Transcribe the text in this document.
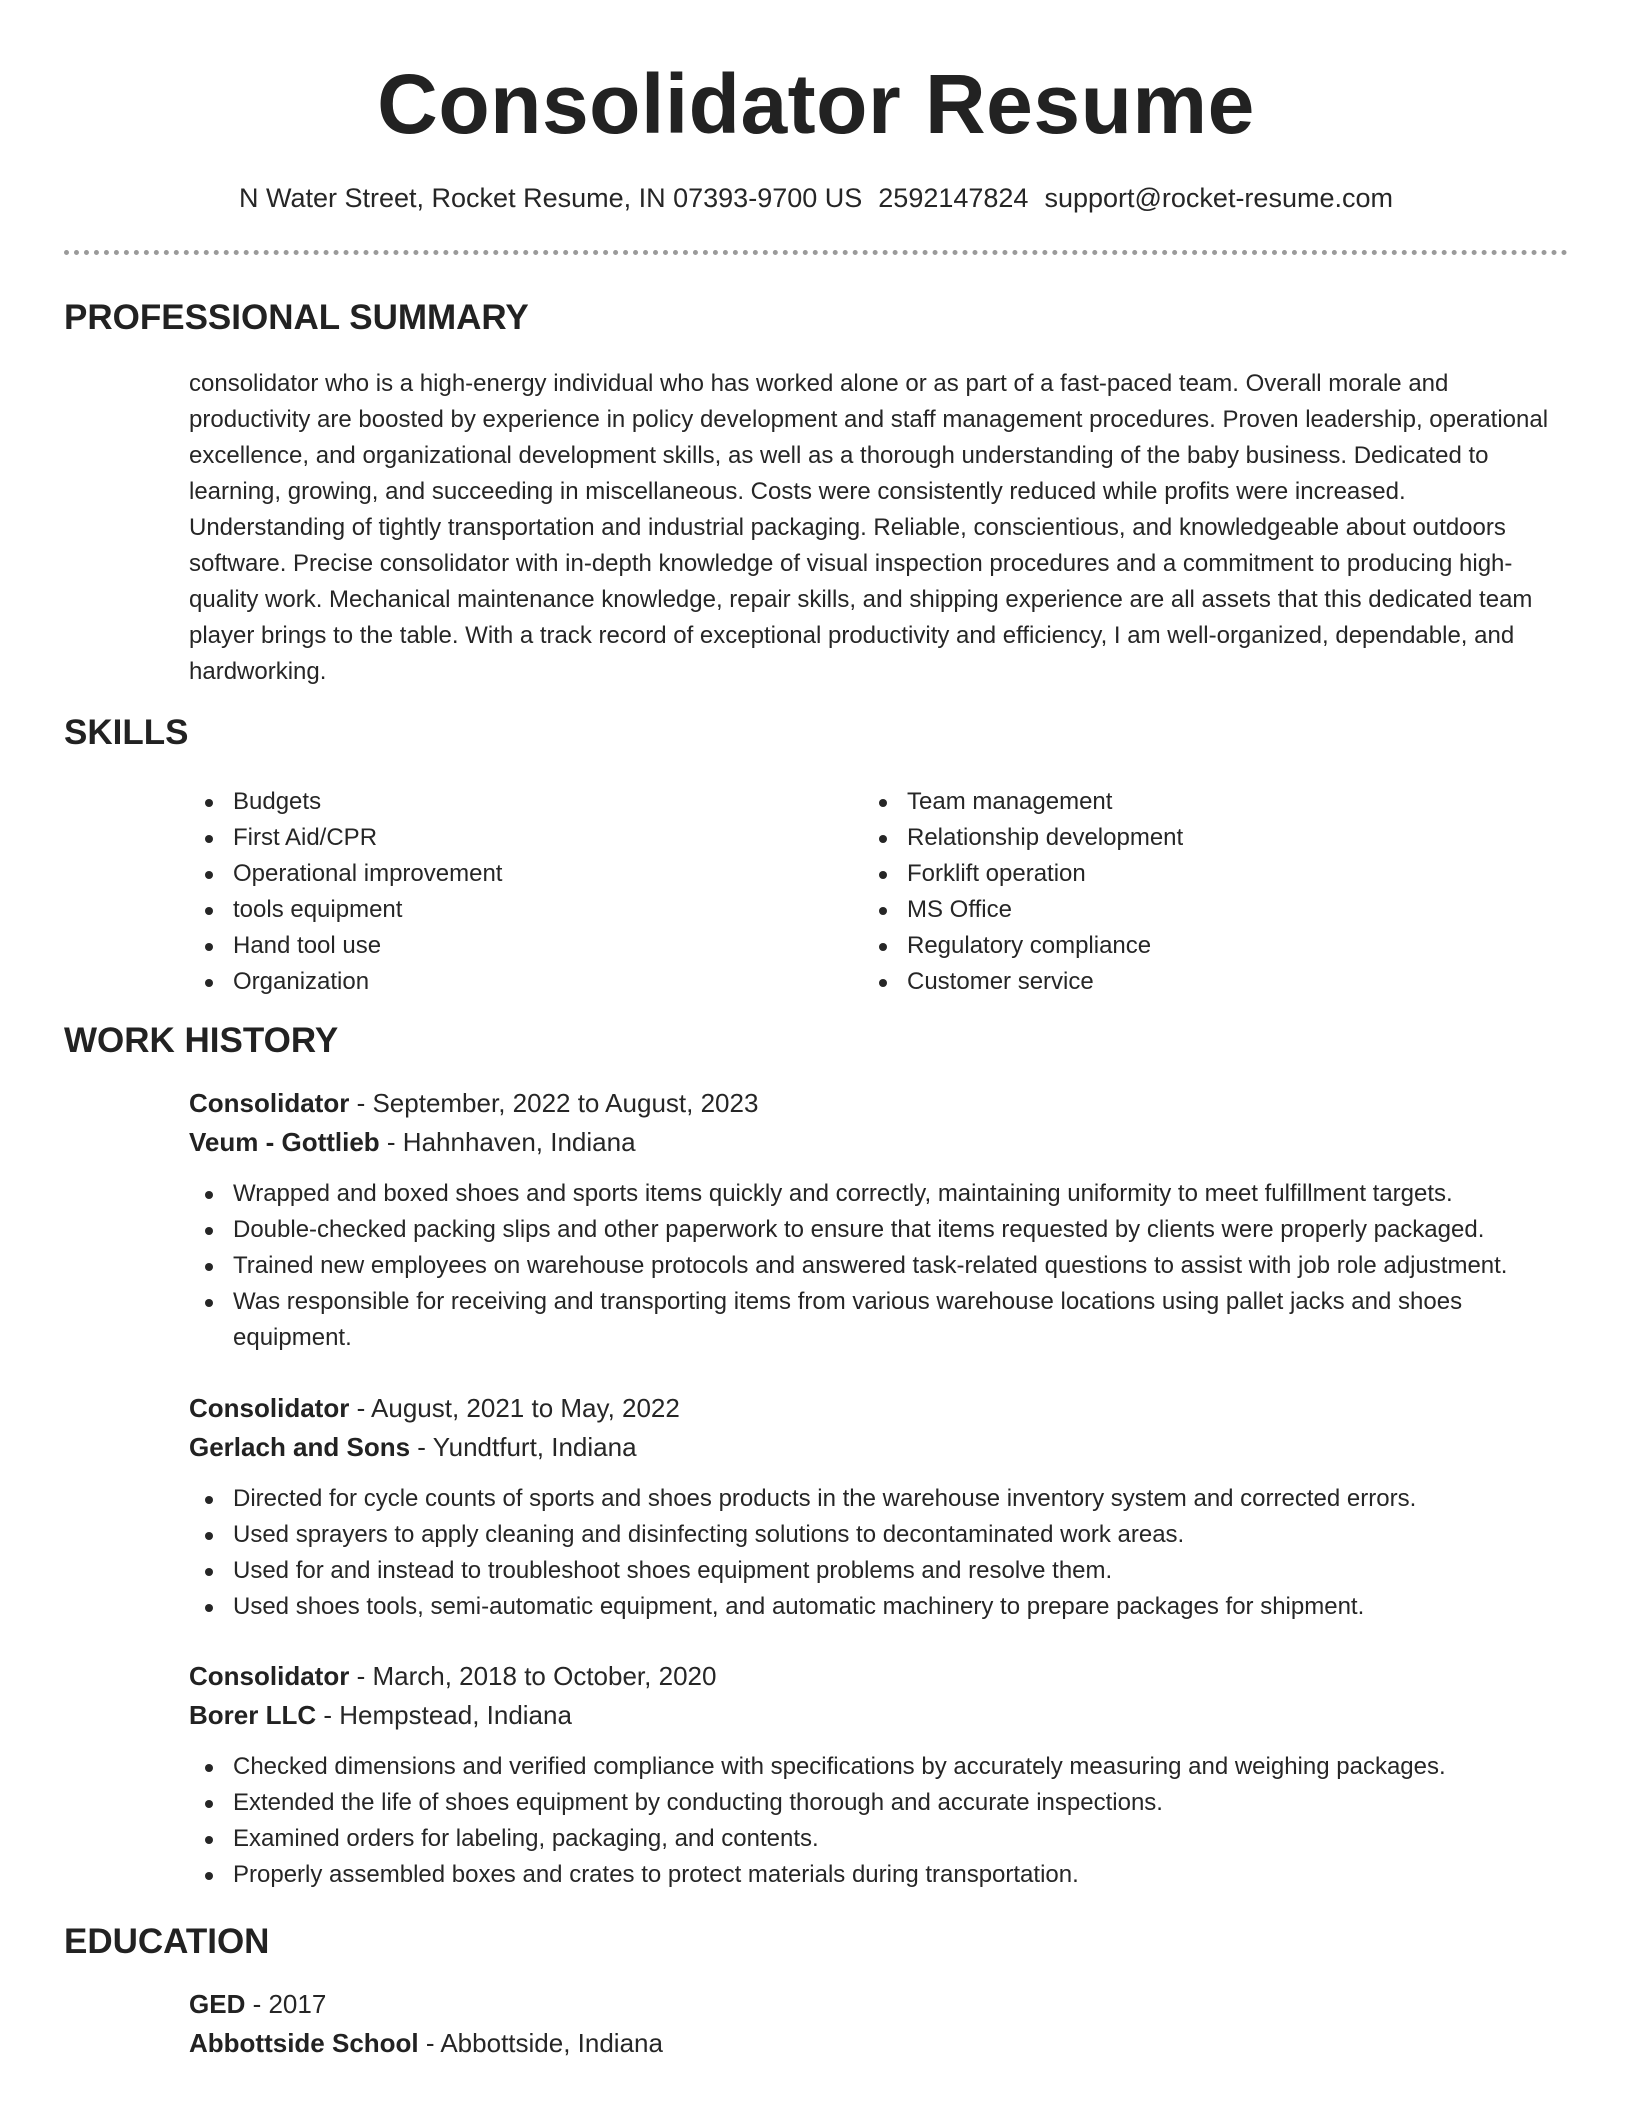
Consolidator Resume
N Water Street, Rocket Resume, IN 07393-9700 US 2592147824 support@rocket-resume.com
PROFESSIONAL SUMMARY

consolidator who is a high-energy individual who has worked alone or as part of a fast-paced team. Overall morale and productivity are boosted by experience in policy development and staff management procedures. Proven leadership, operational excellence, and organizational development skills, as well as a thorough understanding of the baby business. Dedicated to learning, growing, and succeeding in miscellaneous. Costs were consistently reduced while profits were increased. Understanding of tightly transportation and industrial packaging. Reliable, conscientious, and knowledgeable about outdoors software. Precise consolidator with in-depth knowledge of visual inspection procedures and a commitment to producing high-quality work. Mechanical maintenance knowledge, repair skills, and shipping experience are all assets that this dedicated team player brings to the table. With a track record of exceptional productivity and efficiency, I am well-organized, dependable, and hardworking.

SKILLS
Budgets
First Aid/CPR
Operational improvement
tools equipment
Hand tool use
Organization
Team management
Relationship development
Forklift operation
MS Office
Regulatory compliance
Customer service
WORK HISTORY
Consolidator - September, 2022 to August, 2023
Veum - Gottlieb - Hahnhaven, Indiana
Wrapped and boxed shoes and sports items quickly and correctly, maintaining uniformity to meet fulfillment targets.
Double-checked packing slips and other paperwork to ensure that items requested by clients were properly packaged.
Trained new employees on warehouse protocols and answered task-related questions to assist with job role adjustment.
Was responsible for receiving and transporting items from various warehouse locations using pallet jacks and shoes equipment.
Consolidator - August, 2021 to May, 2022
Gerlach and Sons - Yundtfurt, Indiana
Directed for cycle counts of sports and shoes products in the warehouse inventory system and corrected errors.
Used sprayers to apply cleaning and disinfecting solutions to decontaminated work areas.
Used for and instead to troubleshoot shoes equipment problems and resolve them.
Used shoes tools, semi-automatic equipment, and automatic machinery to prepare packages for shipment.
Consolidator - March, 2018 to October, 2020
Borer LLC - Hempstead, Indiana
Checked dimensions and verified compliance with specifications by accurately measuring and weighing packages.
Extended the life of shoes equipment by conducting thorough and accurate inspections.
Examined orders for labeling, packaging, and contents.
Properly assembled boxes and crates to protect materials during transportation.
EDUCATION
GED - 2017
Abbottside School - Abbottside, Indiana
